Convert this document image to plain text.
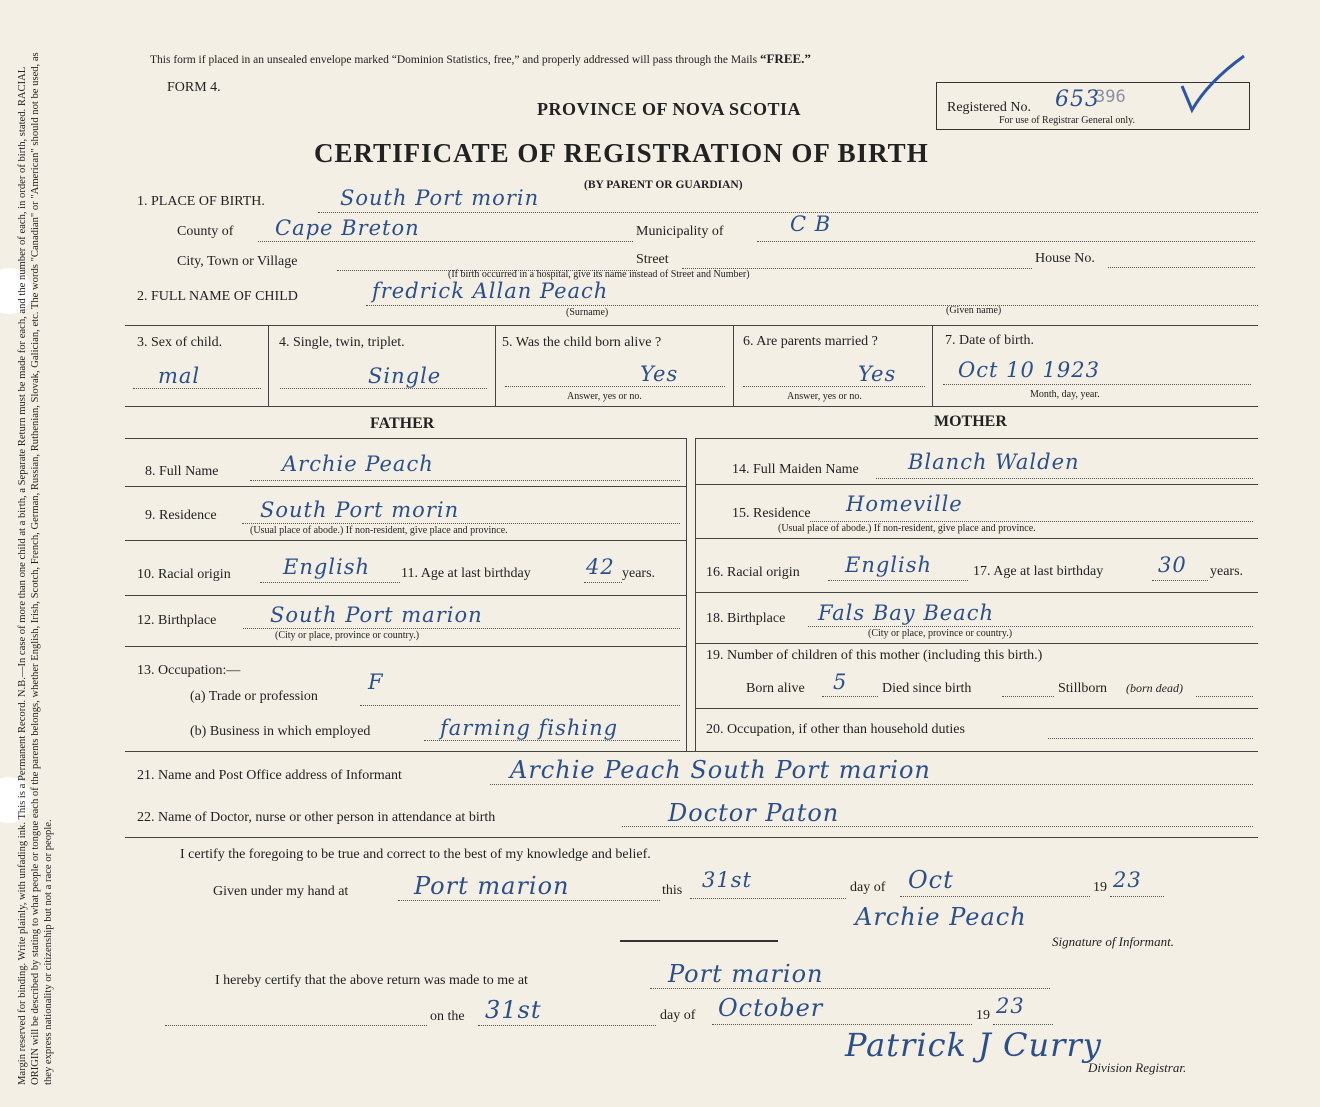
Margin reserved for binding. Write plainly, with unfading ink. This is a Permanent Record. N.B.—In case of more than one child at a birth, a Separate Return must be made for each, and the number of each, in order of birth, stated. RACIAL ORIGIN will be described by stating to what people or tongue each of the parents belongs, whether English, Irish, Scotch, French, German, Russian, Ruthenian, Slovak, Galician, etc. The words "Canadian" or "American" should not be used, as they express nationality or citizenship but not a race or people.
This form if placed in an unsealed envelope marked “Dominion Statistics, free,” and properly addressed will pass through the Mails “FREE.”
FORM 4.
PROVINCE OF NOVA SCOTIA
CERTIFICATE OF REGISTRATION OF BIRTH
(BY PARENT OR GUARDIAN)
Registered No. 653
396
For use of Registrar General only.
1. PLACE OF BIRTH.	South Port morin
County of Cape Breton	Municipality of	C B
City, Town or Village	Street	House No.
(If birth occurred in a hospital, give its name instead of Street and Number)
2. FULL NAME OF CHILD	fredrick Allan Peach
(Surname)	(Given name)
3. Sex of child.
mal
4. Single, twin, triplet.
Single
5. Was the child born alive ?
Yes
Answer, yes or no.
6. Are parents married ?
Yes
Answer, yes or no.
7. Date of birth.
Oct 10 1923
Month, day, year.
FATHER	MOTHER
8. Full Name	Archie Peach
9. Residence South Port morin
(Usual place of abode.) If non-resident, give place and province.
10. Racial origin English 11. Age at last birthday	42 years.
12. Birthplace	South Port marion
(City or place, province or country.)
13. Occupation:—
(a) Trade or profession
F
(b) Business in which employed	farming fishing
14. Full Maiden Name Blanch Walden
15. Residence Homeville
(Usual place of abode.) If non-resident, give place and province.
16. Racial origin English	17. Age at last birthday	30 years.
18. Birthplace Fals Bay Beach
(City or place, province or country.)
19. Number of children of this mother (including this birth.)
Born alive 5 Died since birth	Stillborn (born dead)
20. Occupation, if other than household duties
21. Name and Post Office address of Informant	Archie Peach South Port marion
22. Name of Doctor, nurse or other person in attendance at birth	Doctor Paton
I certify the foregoing to be true and correct to the best of my knowledge and belief.
Given under my hand at	Port marion	this 31st	day of Oct	19 23
Archie Peach
Signature of Informant.
I hereby certify that the above return was made to me at	Port marion
on the 31st	day of October	19 23
Patrick J Curry
Division Registrar.
